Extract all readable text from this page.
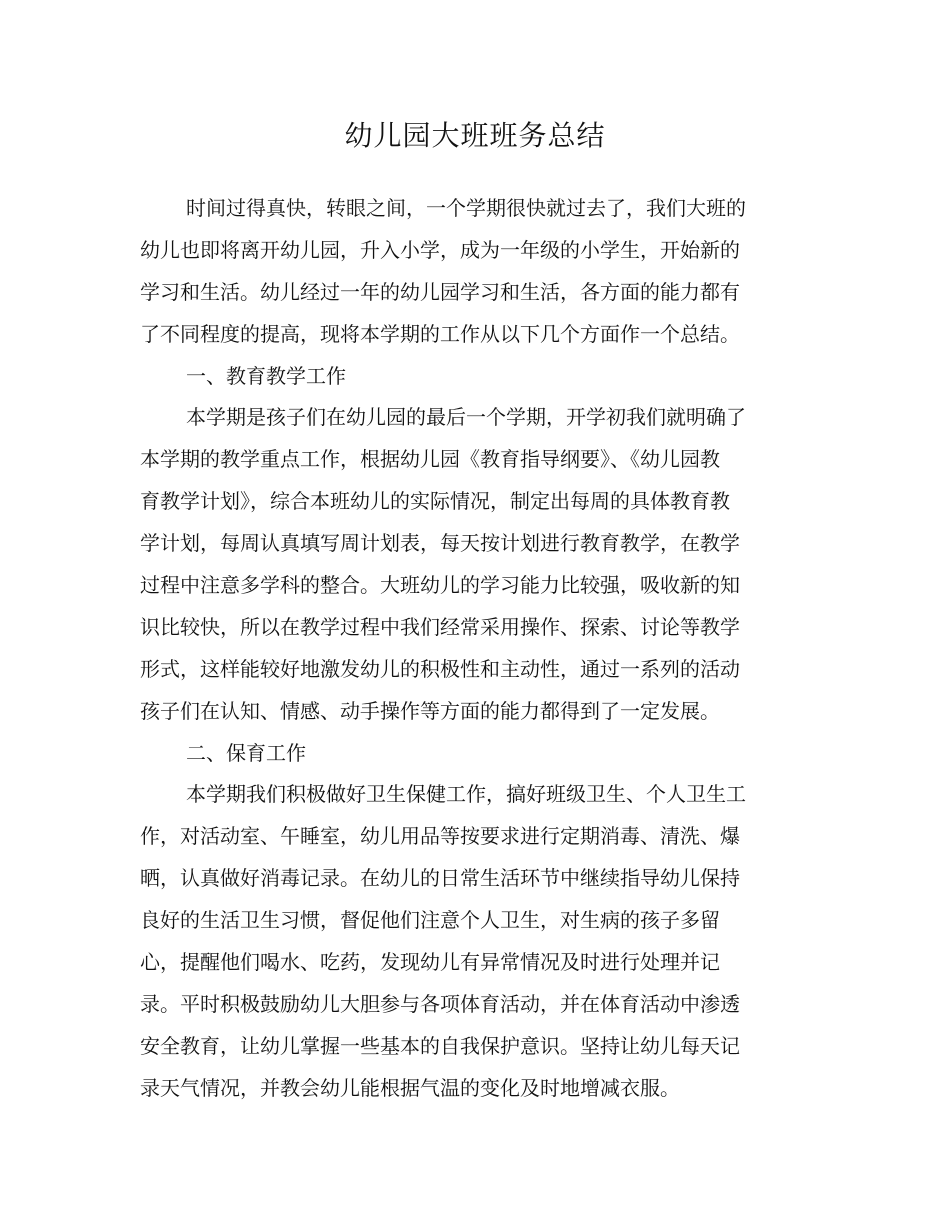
幼儿园大班班务总结
时间过得真快，转眼之间，一个学期很快就过去了，我们大班的
幼儿也即将离开幼儿园，升入小学，成为一年级的小学生，开始新的
学习和生活。幼儿经过一年的幼儿园学习和生活，各方面的能力都有
了不同程度的提高，现将本学期的工作从以下几个方面作一个总结。
一、教育教学工作
本学期是孩子们在幼儿园的最后一个学期，开学初我们就明确了
本学期的教学重点工作，根据幼儿园《教育指导纲要》、《幼儿园教
育教学计划》，综合本班幼儿的实际情况，制定出每周的具体教育教
学计划，每周认真填写周计划表，每天按计划进行教育教学，在教学
过程中注意多学科的整合。大班幼儿的学习能力比较强，吸收新的知
识比较快，所以在教学过程中我们经常采用操作、探索、讨论等教学
形式，这样能较好地激发幼儿的积极性和主动性，通过一系列的活动
孩子们在认知、情感、动手操作等方面的能力都得到了一定发展。
二、保育工作
本学期我们积极做好卫生保健工作，搞好班级卫生、个人卫生工
作，对活动室、午睡室，幼儿用品等按要求进行定期消毒、清洗、爆
晒，认真做好消毒记录。在幼儿的日常生活环节中继续指导幼儿保持
良好的生活卫生习惯，督促他们注意个人卫生，对生病的孩子多留
心，提醒他们喝水、吃药，发现幼儿有异常情况及时进行处理并记
录。平时积极鼓励幼儿大胆参与各项体育活动，并在体育活动中渗透
安全教育，让幼儿掌握一些基本的自我保护意识。坚持让幼儿每天记
录天气情况，并教会幼儿能根据气温的变化及时地增减衣服。
